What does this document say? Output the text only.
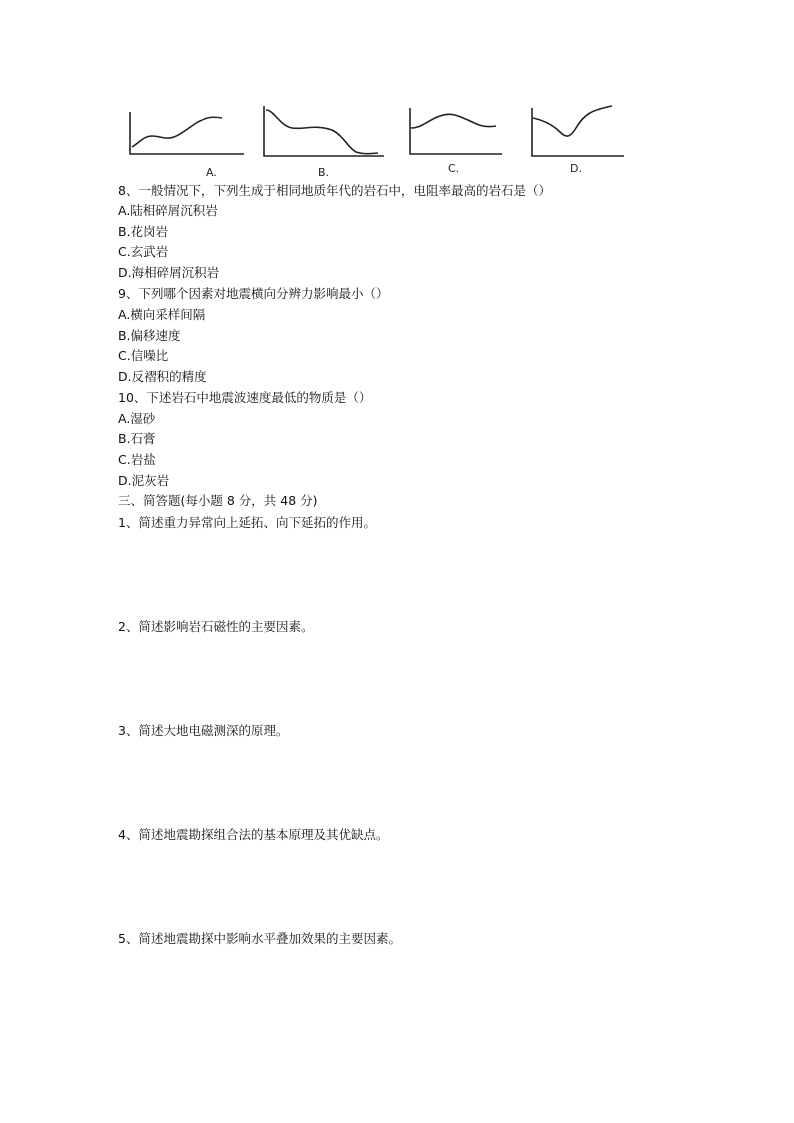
A.	B.	C.	D.
8、一般情况下，下列生成于相同地质年代的岩石中，电阻率最高的岩石是（）
A.陆相碎屑沉积岩
B.花岗岩
C.玄武岩
D.海相碎屑沉积岩
9、下列哪个因素对地震横向分辨力影响最小（）
A.横向采样间隔
B.偏移速度
C.信噪比
D.反褶积的精度
10、下述岩石中地震波速度最低的物质是（）
A.湿砂
B.石膏
C.岩盐
D.泥灰岩
三、简答题(每小题 8 分，共 48 分)
1、简述重力异常向上延拓、向下延拓的作用。
2、简述影响岩石磁性的主要因素。
3、简述大地电磁测深的原理。
4、简述地震勘探组合法的基本原理及其优缺点。
5、简述地震勘探中影响水平叠加效果的主要因素。
